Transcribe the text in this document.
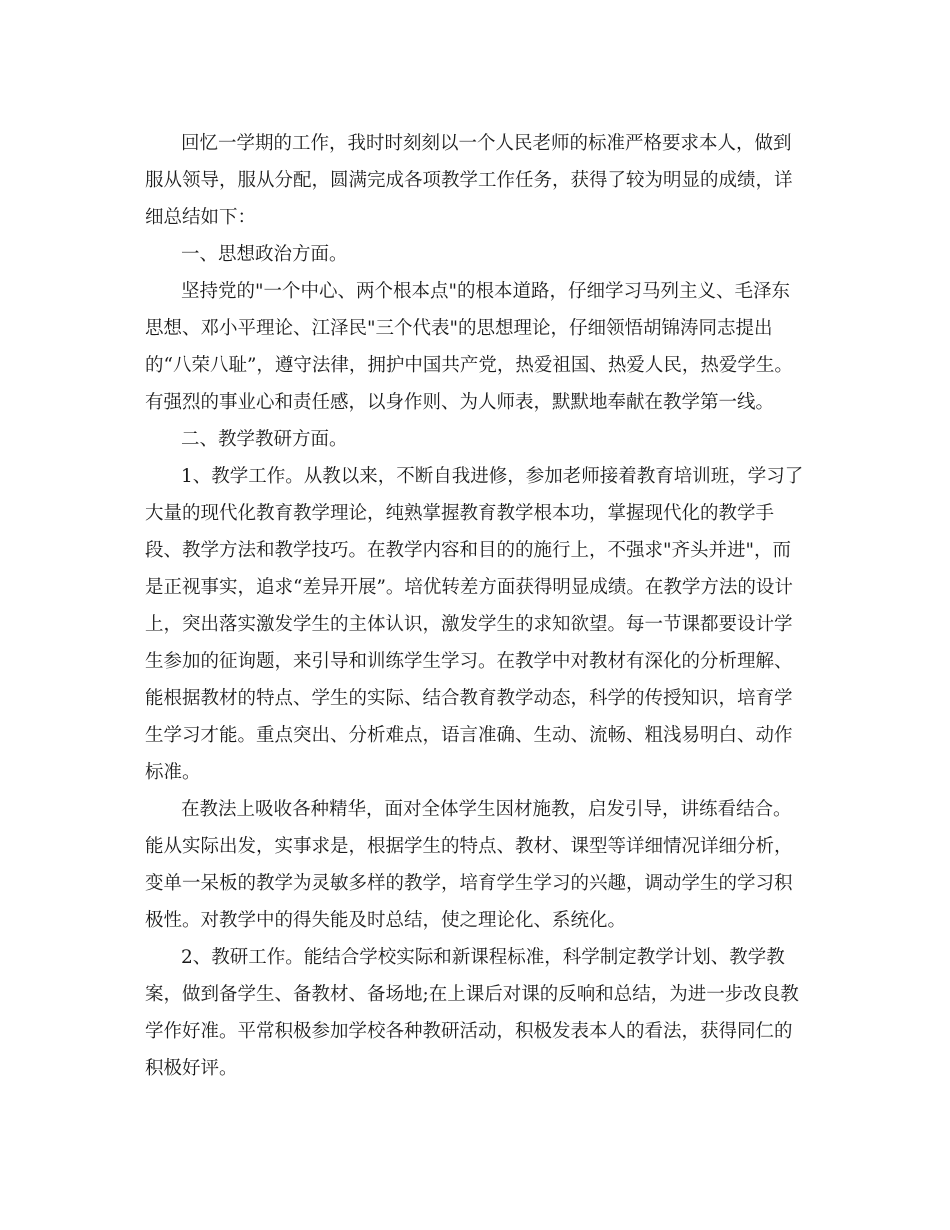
回忆一学期的工作，我时时刻刻以一个人民老师的标准严格要求本人，做到
服从领导，服从分配，圆满完成各项教学工作任务，获得了较为明显的成绩，详
细总结如下：
一、思想政治方面。
坚持党的"一个中心、两个根本点"的根本道路，仔细学习马列主义、毛泽东
思想、邓小平理论、江泽民"三个代表"的思想理论，仔细领悟胡锦涛同志提出
的“八荣八耻”，遵守法律，拥护中国共产党，热爱祖国、热爱人民，热爱学生。
有强烈的事业心和责任感，以身作则、为人师表，默默地奉献在教学第一线。
二、教学教研方面。
1、教学工作。从教以来，不断自我进修，参加老师接着教育培训班，学习了
大量的现代化教育教学理论，纯熟掌握教育教学根本功，掌握现代化的教学手
段、教学方法和教学技巧。在教学内容和目的的施行上，不强求"齐头并进"，而
是正视事实，追求“差异开展”。培优转差方面获得明显成绩。在教学方法的设计
上，突出落实激发学生的主体认识，激发学生的求知欲望。每一节课都要设计学
生参加的征询题，来引导和训练学生学习。在教学中对教材有深化的分析理解、
能根据教材的特点、学生的实际、结合教育教学动态，科学的传授知识，培育学
生学习才能。重点突出、分析难点，语言准确、生动、流畅、粗浅易明白、动作
标准。
在教法上吸收各种精华，面对全体学生因材施教，启发引导，讲练看结合。
能从实际出发，实事求是，根据学生的特点、教材、课型等详细情况详细分析，
变单一呆板的教学为灵敏多样的教学，培育学生学习的兴趣，调动学生的学习积
极性。对教学中的得失能及时总结，使之理论化、系统化。
2、教研工作。能结合学校实际和新课程标准，科学制定教学计划、教学教
案，做到备学生、备教材、备场地;在上课后对课的反响和总结，为进一步改良教
学作好准。平常积极参加学校各种教研活动，积极发表本人的看法，获得同仁的
积极好评。
